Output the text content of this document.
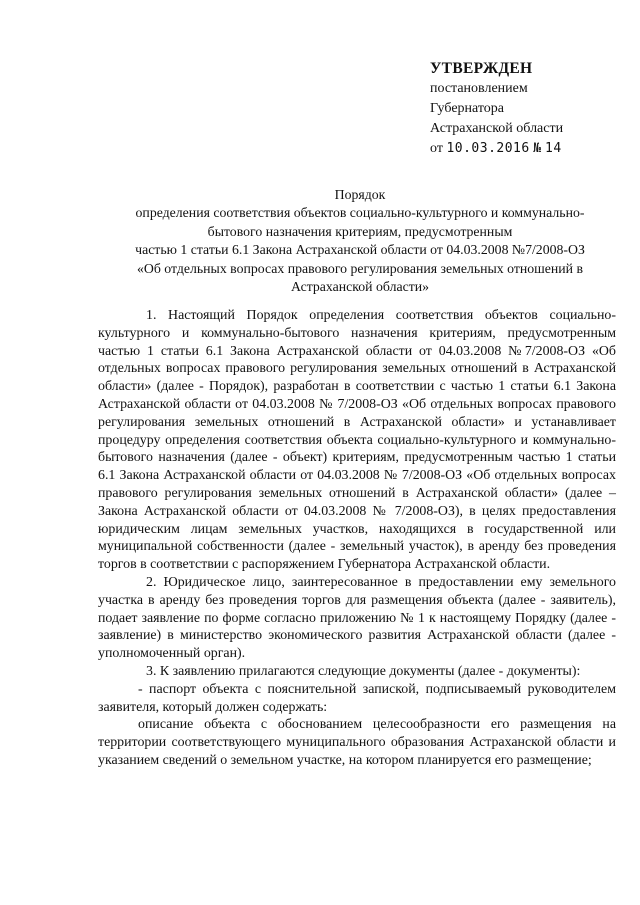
УТВЕРЖДЕН
постановлением
Губернатора
Астраханской области
от 10.03.2016 № 14
Порядок
определения соответствия объектов социально-культурного и коммунально-
бытового назначения критериям, предусмотренным
частью 1 статьи 6.1 Закона Астраханской области от 04.03.2008 №7/2008-ОЗ
«Об отдельных вопросах правового регулирования земельных отношений в
Астраханской области»

1. Настоящий Порядок определения соответствия объектов социально-культурного и коммунально-бытового назначения критериям, предусмотренным частью 1 статьи 6.1 Закона Астраханской области от 04.03.2008 №7/2008-ОЗ «Об отдельных вопросах правового регулирования земельных отношений в Астраханской области» (далее - Порядок), разработан в соответствии с частью 1 статьи 6.1 Закона Астраханской области от 04.03.2008 № 7/2008-ОЗ «Об отдельных вопросах правового регулирования земельных отношений в Астраханской области» и устанавливает процедуру определения соответствия объекта социально-культурного и коммунально-бытового назначения (далее - объект) критериям, предусмотренным частью 1 статьи 6.1 Закона Астраханской области от 04.03.2008 № 7/2008-ОЗ «Об отдельных вопросах правового регулирования земельных отношений в Астраханской области» (далее – Закона Астраханской области от 04.03.2008 № 7/2008-ОЗ), в целях предоставления юридическим лицам земельных участков, находящихся в государственной или муниципальной собственности (далее - земельный участок), в аренду без проведения торгов в соответствии с распоряжением Губернатора Астраханской области.

2. Юридическое лицо, заинтересованное в предоставлении ему земельного участка в аренду без проведения торгов для размещения объекта (далее - заявитель), подает заявление по форме согласно приложению № 1 к настоящему Порядку (далее - заявление) в министерство экономического развития Астраханской области (далее - уполномоченный орган).

3. К заявлению прилагаются следующие документы (далее - документы):

- паспорт объекта с пояснительной запиской, подписываемый руководителем заявителя, который должен содержать:

описание объекта с обоснованием целесообразности его размещения на территории соответствующего муниципального образования Астраханской области и указанием сведений о земельном участке, на котором планируется его размещение;
